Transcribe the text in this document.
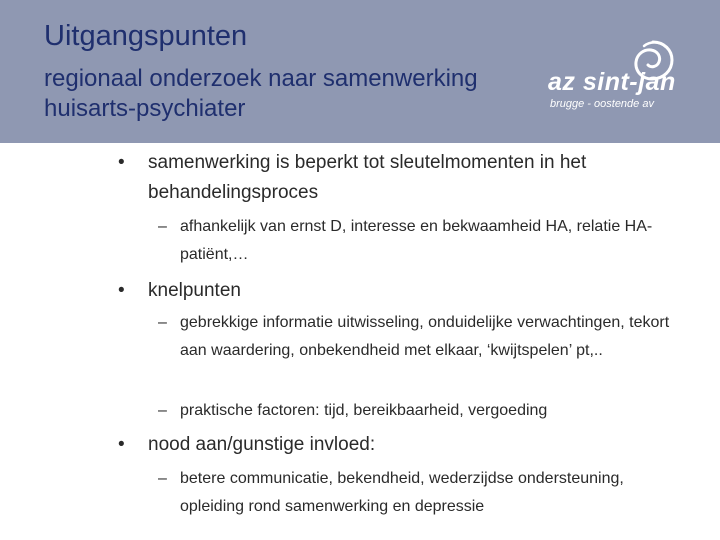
Uitgangspunten
regionaal onderzoek naar samenwerking huisarts-psychiater
az sint-jan
brugge - oostende av
• samenwerking is beperkt tot sleutelmomenten in het behandelingsproces
– afhankelijk van ernst D, interesse en bekwaamheid HA, relatie HA-patiënt,…
• knelpunten
– gebrekkige informatie uitwisseling, onduidelijke verwachtingen, tekort aan waardering, onbekendheid met elkaar, ‘kwijtspelen’ pt,..
– praktische factoren: tijd, bereikbaarheid, vergoeding
• nood aan/gunstige invloed:
– betere communicatie, bekendheid, wederzijdse ondersteuning, opleiding rond samenwerking en depressie
